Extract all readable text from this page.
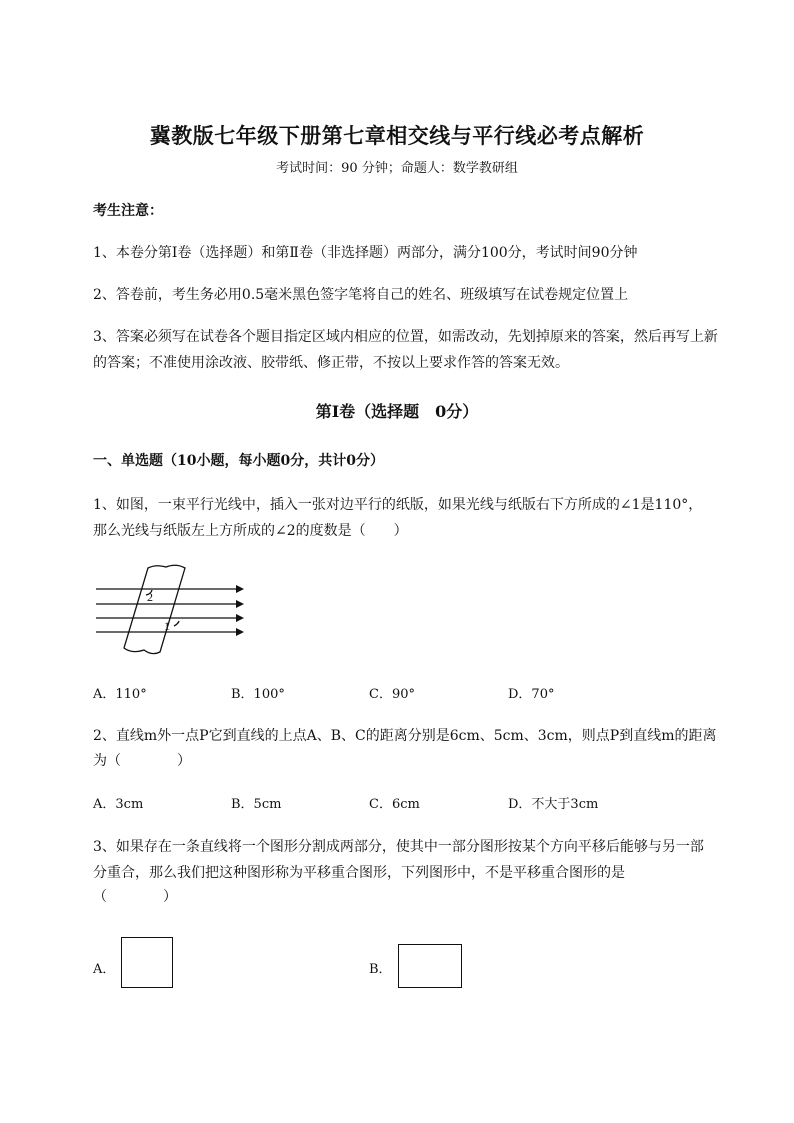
冀教版七年级下册第七章相交线与平行线必考点解析
考试时间：90 分钟；命题人：数学教研组
考生注意：
1、本卷分第Ⅰ卷（选择题）和第Ⅱ卷（非选择题）两部分，满分100分，考试时间90分钟
2、答卷前，考生务必用0.5毫米黑色签字笔将自己的姓名、班级填写在试卷规定位置上
3、答案必须写在试卷各个题目指定区域内相应的位置，如需改动，先划掉原来的答案，然后再写上新
的答案；不准使用涂改液、胶带纸、修正带，不按以上要求作答的答案无效。
第Ⅰ卷（选择题　0分）
一、单选题（10小题，每小题0分，共计0分）
1、如图，一束平行光线中，插入一张对边平行的纸版，如果光线与纸版右下方所成的∠1是110°，
那么光线与纸版左上方所成的∠2的度数是（　　）
2
1
A．110°	B．100°	C．90°	D．70°
2、直线m外一点P它到直线的上点A、B、C的距离分别是6cm、5cm、3cm，则点P到直线m的距离
为（　　　　）
A．3cm	B．5cm	C．6cm	D．不大于3cm
3、如果存在一条直线将一个图形分割成两部分，使其中一部分图形按某个方向平移后能够与另一部
分重合，那么我们把这种图形称为平移重合图形，下列图形中，不是平移重合图形的是
（　　　　）
A．	B．
